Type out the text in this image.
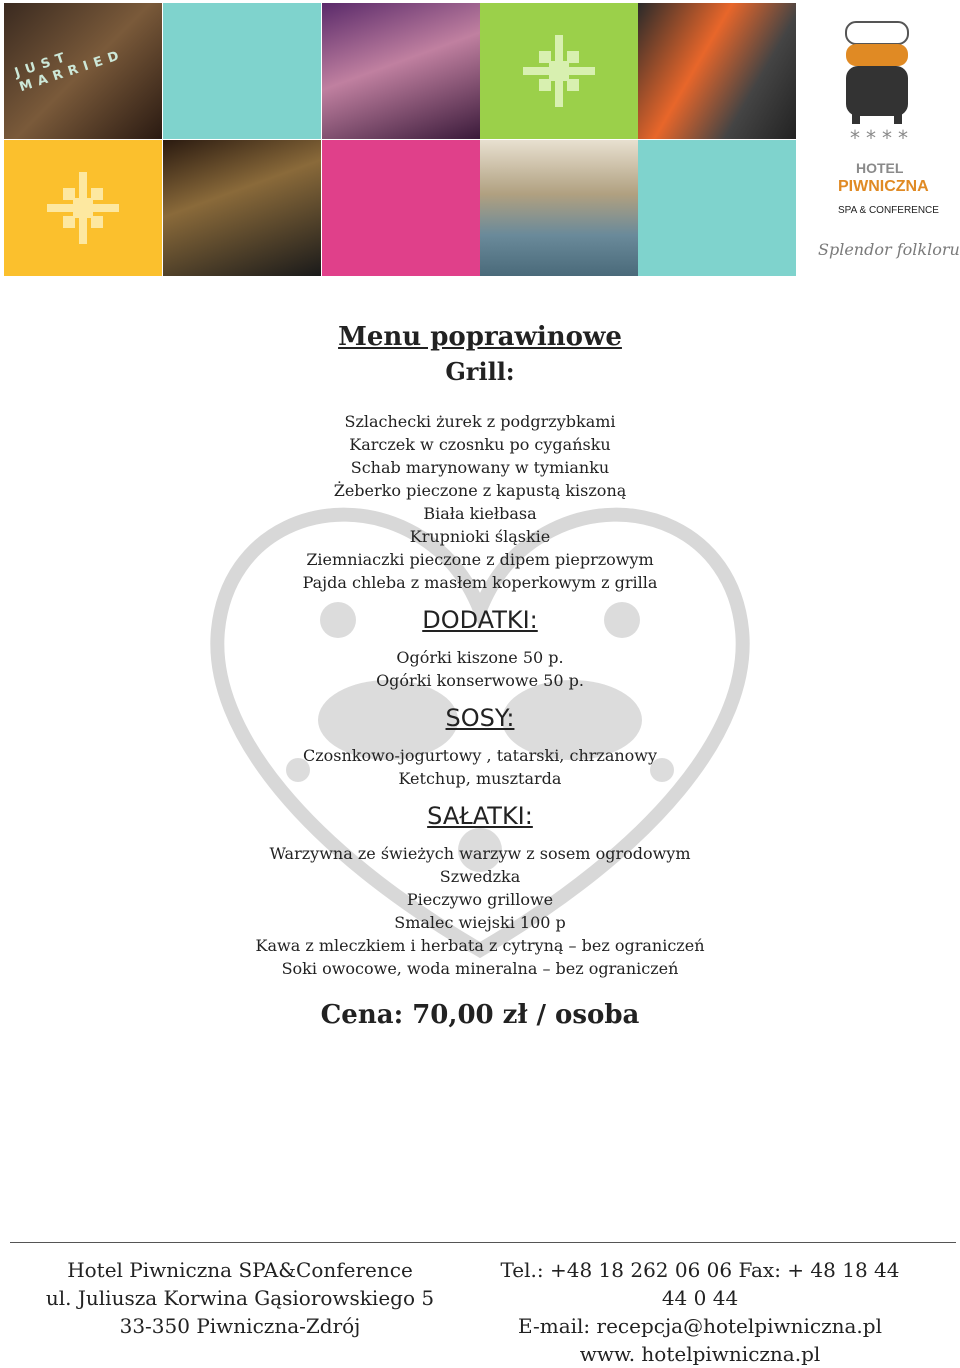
JUST MARRIED
****
HOTEL
PIWNICZNA
SPA & CONFERENCE
Splendor folkloru
Menu poprawinowe
Grill:
Szlachecki żurek z podgrzybkami
Karczek w czosnku po cygańsku
Schab marynowany w tymianku
Żeberko pieczone z kapustą kiszoną
Biała kiełbasa
Krupnioki śląskie
Ziemniaczki pieczone z dipem pieprzowym
Pajda chleba z masłem koperkowym z grilla
DODATKI:
Ogórki kiszone 50 p.
Ogórki konserwowe 50 p.
SOSY:
Czosnkowo-jogurtowy , tatarski, chrzanowy
Ketchup, musztarda
SAŁATKI:
Warzywna ze świeżych warzyw z sosem ogrodowym
Szwedzka
Pieczywo grillowe
Smalec wiejski 100 p
Kawa z mleczkiem i herbata z cytryną – bez ograniczeń
Soki owocowe, woda mineralna – bez ograniczeń
Cena: 70,00 zł / osoba
Hotel Piwniczna SPA&Conference
ul. Juliusza Korwina Gąsiorowskiego 5
33-350 Piwniczna-Zdrój
Tel.: +48 18 262 06 06 Fax: + 48 18 44 44 0 44
E-mail: recepcja@hotelpiwniczna.pl
www. hotelpiwniczna.pl
